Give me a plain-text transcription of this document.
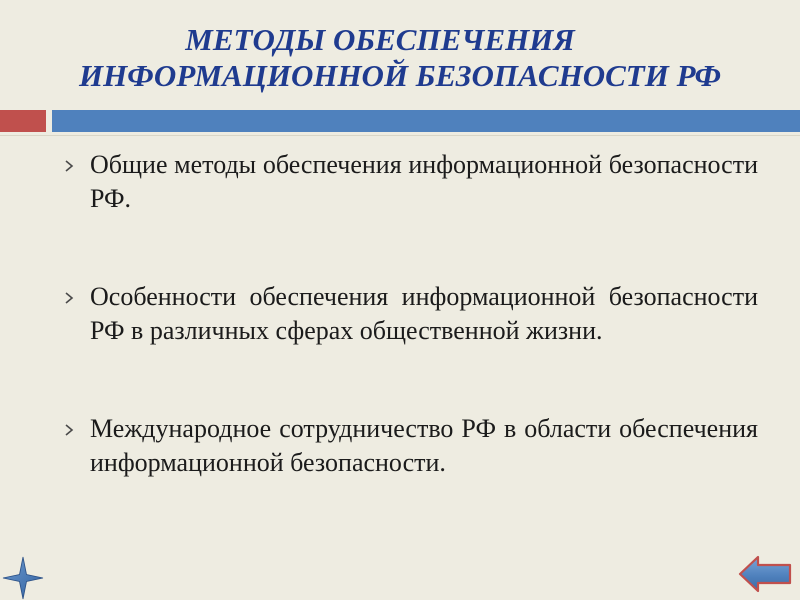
МЕТОДЫ ОБЕСПЕЧЕНИЯ
ИНФОРМАЦИОННОЙ БЕЗОПАСНОСТИ РФ
Общие методы обеспечения информационной безопасности РФ.
Особенности обеспечения информационной безопасности РФ в различных сферах общественной жизни.
Международное сотрудничество РФ в области обеспечения информационной безопасности.
